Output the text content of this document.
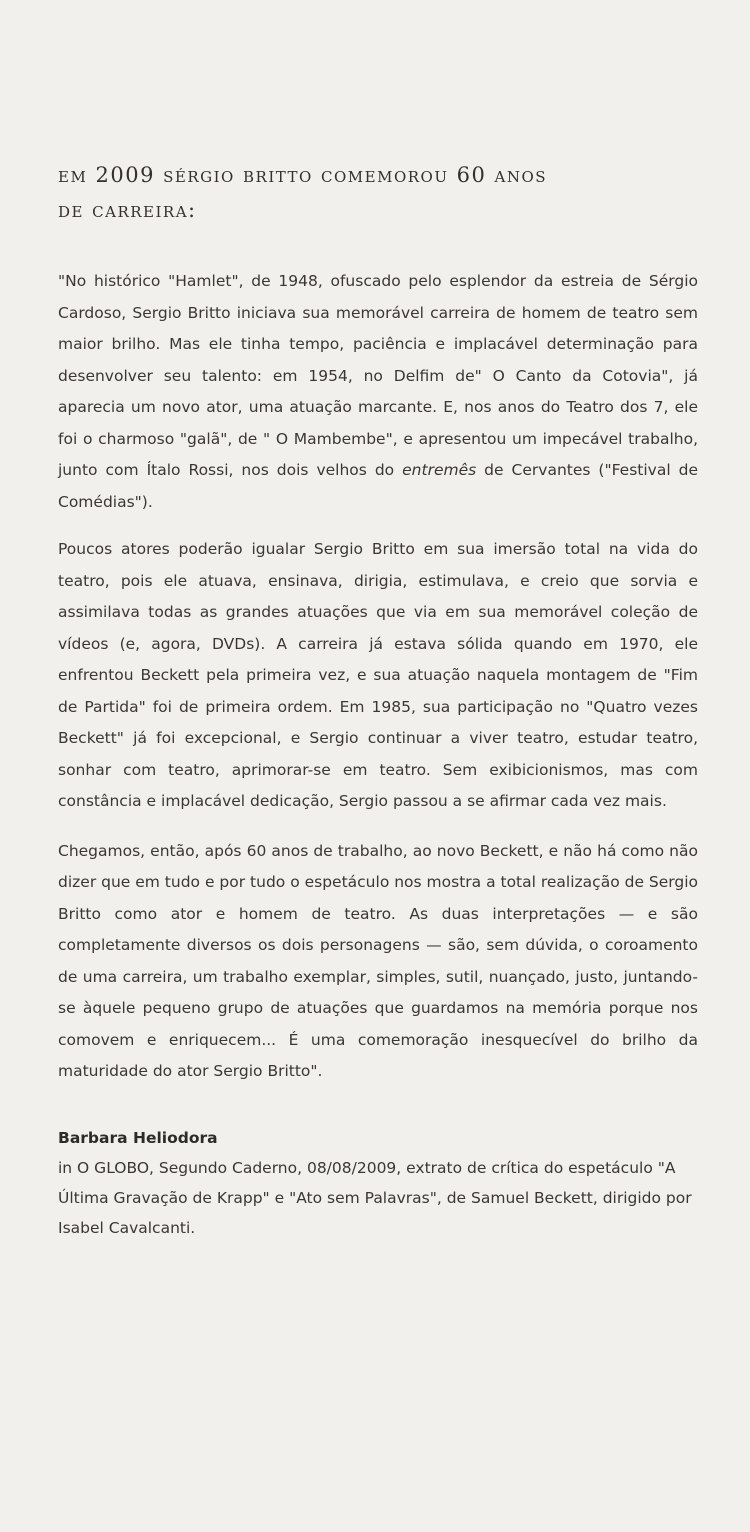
em 2009 sérgio britto comemorou 60 anos
de carreira:

"No histórico "Hamlet", de 1948, ofuscado pelo esplendor da estreia de Sérgio Cardoso, Sergio Britto iniciava sua memorável carreira de homem de teatro sem maior brilho. Mas ele tinha tempo, paciência e implacável determinação para desenvolver seu talento: em 1954, no Delfim de" O Canto da Cotovia", já aparecia um novo ator, uma atuação marcante. E, nos anos do Teatro dos 7, ele foi o charmoso "galã", de " O Mambembe", e apresentou um impecável trabalho, junto com Ítalo Rossi, nos dois velhos do entremês de Cervantes ("Festival de Comédias").

Poucos atores poderão igualar Sergio Britto em sua imersão total na vida do teatro, pois ele atuava, ensinava, dirigia, estimulava, e creio que sorvia e assimilava todas as grandes atuações que via em sua memorável coleção de vídeos (e, agora, DVDs). A carreira já estava sólida quando em 1970, ele enfrentou Beckett pela primeira vez, e sua atuação naquela montagem de "Fim de Partida" foi de primeira ordem. Em 1985, sua participação no "Quatro vezes Beckett" já foi excepcional, e Sergio continuar a viver teatro, estudar teatro, sonhar com teatro, aprimorar-se em teatro. Sem exibicionismos, mas com constância e implacável dedicação, Sergio passou a se afirmar cada vez mais.

Chegamos, então, após 60 anos de trabalho, ao novo Beckett, e não há como não dizer que em tudo e por tudo o espetáculo nos mostra a total realização de Sergio Britto como ator e homem de teatro. As duas interpretações — e são completamente diversos os dois personagens — são, sem dúvida, o coroamento de uma carreira, um trabalho exemplar, simples, sutil, nuançado, justo, juntando-se àquele pequeno grupo de atuações que guardamos na memória porque nos comovem e enriquecem... É uma comemoração inesquecível do brilho da maturidade do ator Sergio Britto".

Barbara Heliodora

in O GLOBO, Segundo Caderno, 08/08/2009, extrato de crítica do espetáculo "A Última Gravação de Krapp" e "Ato sem Palavras", de Samuel Beckett, dirigido por Isabel Cavalcanti.
